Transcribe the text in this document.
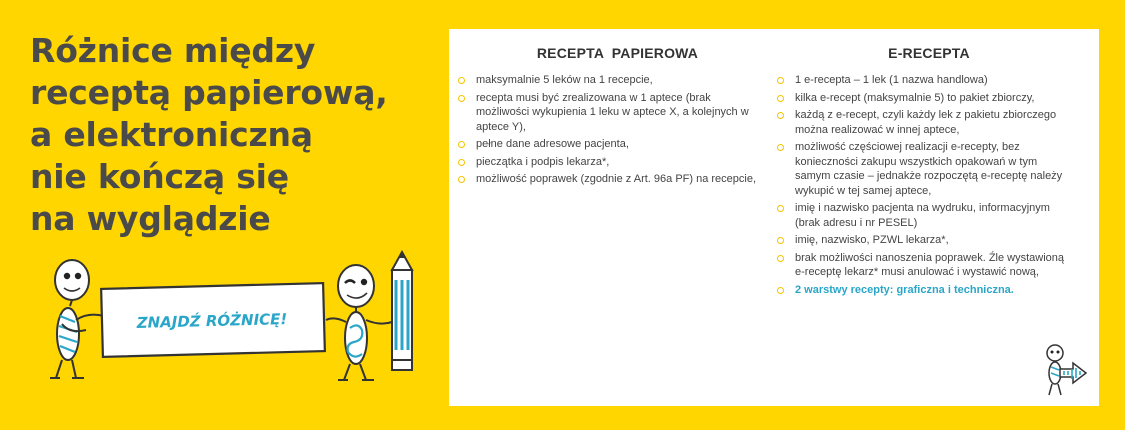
Różnice między
receptą papierową,
a elektroniczną
nie kończą się
na wyglądzie
ZNAJDŹ RÓŻNICĘ!
RECEPTA  PAPIEROWA
maksymalnie 5 leków na 1 recepcie,
recepta musi być zrealizowana w 1 aptece (brak możliwości wykupienia 1 leku w aptece X, a kolejnych w aptece Y),
pełne dane adresowe pacjenta,
pieczątka i podpis lekarza*,
możliwość poprawek (zgodnie z Art. 96a PF) na recepcie,
E-RECEPTA
1 e-recepta – 1 lek (1 nazwa handlowa)
kilka e-recept (maksymalnie 5) to pakiet zbiorczy,
każdą z e-recept, czyli każdy lek z pakietu zbiorczego można realizować w innej aptece,
możliwość częściowej realizacji e-recepty, bez konieczności zakupu wszystkich opakowań w tym samym czasie – jednakże rozpoczętą e-receptę należy wykupić w tej samej aptece,
imię i nazwisko pacjenta na wydruku, informacyjnym (brak adresu i nr PESEL)
imię, nazwisko, PZWL lekarza*,
brak możliwości nanoszenia poprawek. Źle wystawioną e-receptę lekarz* musi anulować i wystawić nową,
2 warstwy recepty: graficzna i techniczna.
